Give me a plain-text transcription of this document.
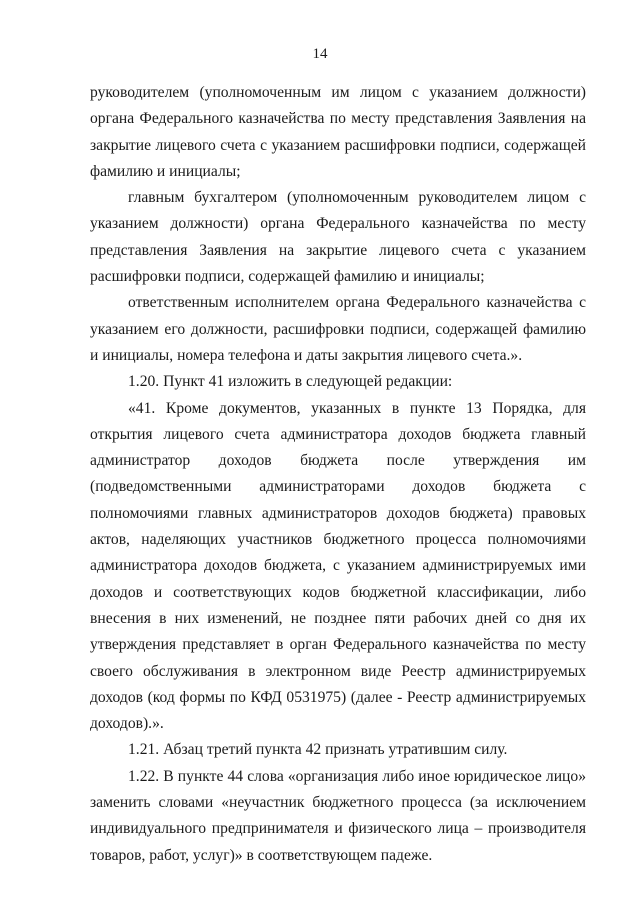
14

руководителем (уполномоченным им лицом с указанием должности) органа Федерального казначейства по месту представления Заявления на закрытие лицевого счета с указанием расшифровки подписи, содержащей фамилию и инициалы;

главным бухгалтером (уполномоченным руководителем лицом с указанием должности) органа Федерального казначейства по месту представления Заявления на закрытие лицевого счета с указанием расшифровки подписи, содержащей фамилию и инициалы;

ответственным исполнителем органа Федерального казначейства с указанием его должности, расшифровки подписи, содержащей фамилию и инициалы, номера телефона и даты закрытия лицевого счета.».

1.20. Пункт 41 изложить в следующей редакции:

«41. Кроме документов, указанных в пункте 13 Порядка, для открытия лицевого счета администратора доходов бюджета главный администратор доходов бюджета после утверждения им (подведомственными администраторами доходов бюджета с полномочиями главных администраторов доходов бюджета) правовых актов, наделяющих участников бюджетного процесса полномочиями администратора доходов бюджета, с указанием администрируемых ими доходов и соответствующих кодов бюджетной классификации, либо внесения в них изменений, не позднее пяти рабочих дней со дня их утверждения представляет в орган Федерального казначейства по месту своего обслуживания в электронном виде Реестр администрируемых доходов (код формы по КФД 0531975) (далее - Реестр администрируемых доходов).».

1.21. Абзац третий пункта 42 признать утратившим силу.

1.22. В пункте 44 слова «организация либо иное юридическое лицо» заменить словами «неучастник бюджетного процесса (за исключением индивидуального предпринимателя и физического лица – производителя товаров, работ, услуг)» в соответствующем падеже.
